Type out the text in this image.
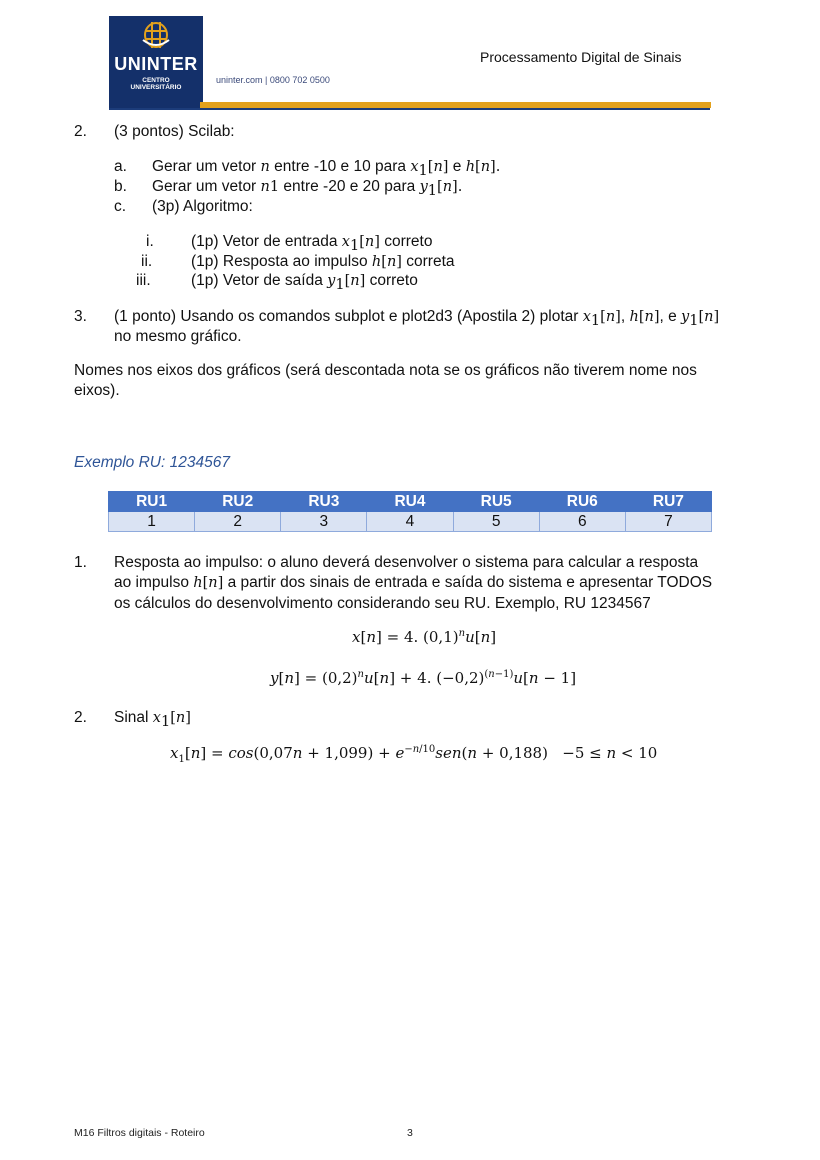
UNINTER
CENTRO
UNIVERSITÁRIO
uninter.com | 0800 702 0500
Processamento Digital de Sinais
2. (3 pontos) Scilab:
a. Gerar um vetor n entre -10 e 10 para $x_1[n]$ e h[n].
b. Gerar um vetor n1 entre -20 e 20 para $y_1[n]$.
c. (3p) Algoritmo:
i. (1p) Vetor de entrada $x_1[n]$ correto
ii.	(1p) Resposta ao impulso h[n] correta
iii.	(1p) Vetor de saída $y_1[n]$ correto
3. (1 ponto) Usando os comandos subplot e plot2d3 (Apostila 2) plotar $x_1[n]$, h[n], e $y_1[n]$
no mesmo gráfico.
Nomes nos eixos dos gráficos (será descontada nota se os gráficos não tiverem nome nos
eixos).
Exemplo RU: 1234567
RU1	RU2	RU3	RU4	RU5	RU6	RU7
1	2	3	4	5	6	7
1. Resposta ao impulso: o aluno deverá desenvolver o sistema para calcular a resposta
ao impulso h[n] a partir dos sinais de entrada e saída do sistema e apresentar TODOS
os cálculos do desenvolvimento considerando seu RU. Exemplo, RU 1234567
x[n] = 4. $(0,1)^nu[n]$
$y[n] = (0,2)^nu[n] + 4$. $(-0,2)^{(n-1)}u[n - 1]$
2. Sinal $x_1[n]$
$x_1[n] = \cos(0,07n + 1,099) + e^{-n/10}sen(n + 0,188) -5 \le n < 10$
M16 Filtros digitais - Roteiro	3
